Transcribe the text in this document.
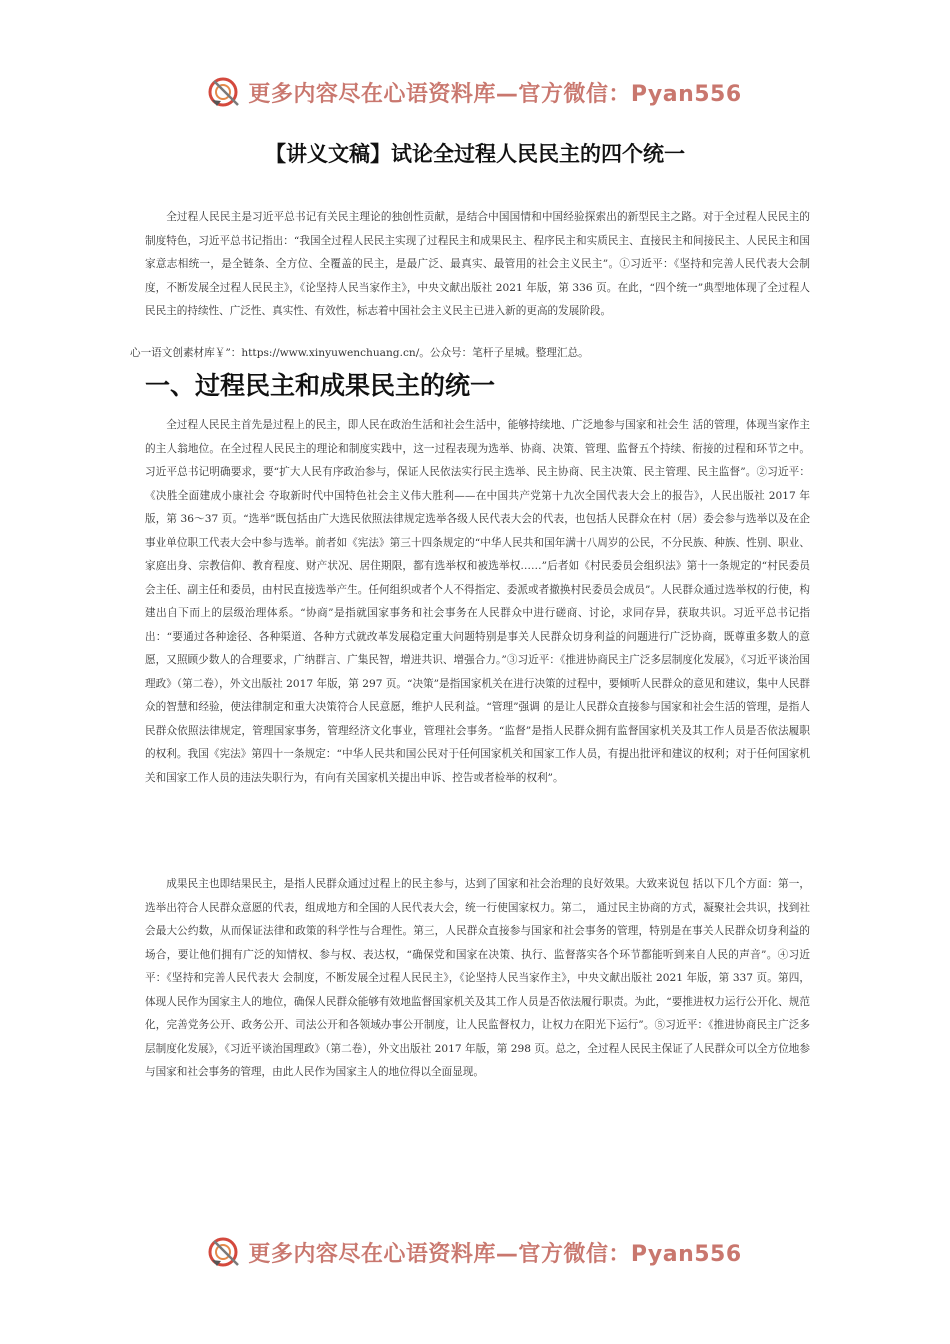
更多内容尽在心语资料库—官方微信：Pyan556
【讲义文稿】试论全过程人民民主的四个统一

全过程人民民主是习近平总书记有关民主理论的独创性贡献，是结合中国国情和中国经验探索出的新型民主之路。对于全过程人民民主的制度特色，习近平总书记指出：“我国全过程人民民主实现了过程民主和成果民主、程序民主和实质民主、直接民主和间接民主、人民民主和国家意志相统一，是全链条、全方位、全覆盖的民主，是最广泛、最真实、最管用的社会主义民主”。①习近平：《坚持和完善人民代表大会制度，不断发展全过程人民民主》，《论坚持人民当家作主》，中央文献出版社 2021 年版，第 336 页。在此，“四个统一”典型地体现了全过程人民民主的持续性、广泛性、真实性、有效性，标志着中国社会主义民主已进入新的更高的发展阶段。

心一语文创素材库￥”：https://www.xinyuwenchuang.cn/。公众号：笔杆子星城。整理汇总。
一、过程民主和成果民主的统一

全过程人民民主首先是过程上的民主，即人民在政治生活和社会生活中，能够持续地、广泛地参与国家和社会生 活的管理，体现当家作主的主人翁地位。在全过程人民民主的理论和制度实践中，这一过程表现为选举、协商、决策、管理、监督五个持续、衔接的过程和环节之中。习近平总书记明确要求，要“扩大人民有序政治参与，保证人民依法实行民主选举、民主协商、民主决策、民主管理、民主监督”。②习近平：《决胜全面建成小康社会 夺取新时代中国特色社会主义伟大胜利——在中国共产党第十九次全国代表大会上的报告》，人民出版社 2017 年版，第 36～37 页。“选举”既包括由广大选民依照法律规定选举各级人民代表大会的代表，也包括人民群众在村（居）委会参与选举以及在企事业单位职工代表大会中参与选举。前者如《宪法》第三十四条规定的“中华人民共和国年满十八周岁的公民，不分民族、种族、性别、职业、家庭出身、宗教信仰、教育程度、财产状况、居住期限，都有选举权和被选举权……”后者如《村民委员会组织法》第十一条规定的“村民委员会主任、副主任和委员，由村民直接选举产生。任何组织或者个人不得指定、委派或者撤换村民委员会成员”。人民群众通过选举权的行使，构建出自下而上的层级治理体系。“协商”是指就国家事务和社会事务在人民群众中进行磋商、讨论，求同存异，获取共识。习近平总书记指出：“要通过各种途径、各种渠道、各种方式就改革发展稳定重大问题特别是事关人民群众切身利益的问题进行广泛协商，既尊重多数人的意愿，又照顾少数人的合理要求，广纳群言、广集民智，增进共识、增强合力。”③习近平：《推进协商民主广泛多层制度化发展》，《习近平谈治国理政》（第二卷），外文出版社 2017 年版，第 297 页。“决策”是指国家机关在进行决策的过程中，要倾听人民群众的意见和建议，集中人民群众的智慧和经验，使法律制定和重大决策符合人民意愿，维护人民利益。“管理”强调 的是让人民群众直接参与国家和社会生活的管理，是指人民群众依照法律规定，管理国家事务，管理经济文化事业，管理社会事务。“监督”是指人民群众拥有监督国家机关及其工作人员是否依法履职的权利。我国《宪法》第四十一条规定：“中华人民共和国公民对于任何国家机关和国家工作人员，有提出批评和建议的权利；对于任何国家机关和国家工作人员的违法失职行为，有向有关国家机关提出申诉、控告或者检举的权利”。

成果民主也即结果民主，是指人民群众通过过程上的民主参与，达到了国家和社会治理的良好效果。大致来说包 括以下几个方面：第一，选举出符合人民群众意愿的代表，组成地方和全国的人民代表大会，统一行使国家权力。第二， 通过民主协商的方式，凝聚社会共识，找到社会最大公约数，从而保证法律和政策的科学性与合理性。第三，人民群众直接参与国家和社会事务的管理，特别是在事关人民群众切身利益的场合，要让他们拥有广泛的知情权、参与权、表达权，“确保党和国家在决策、执行、监督落实各个环节都能听到来自人民的声音”。④习近平：《坚持和完善人民代表大 会制度，不断发展全过程人民民主》，《论坚持人民当家作主》，中央文献出版社 2021 年版，第 337 页。第四，体现人民作为国家主人的地位，确保人民群众能够有效地监督国家机关及其工作人员是否依法履行职责。为此，“要推进权力运行公开化、规范化，完善党务公开、政务公开、司法公开和各领域办事公开制度，让人民监督权力，让权力在阳光下运行”。⑤习近平：《推进协商民主广泛多层制度化发展》，《习近平谈治国理政》（第二卷），外文出版社 2017 年版，第 298 页。总之，全过程人民民主保证了人民群众可以全方位地参与国家和社会事务的管理，由此人民作为国家主人的地位得以全面显现。

更多内容尽在心语资料库—官方微信：Pyan556
